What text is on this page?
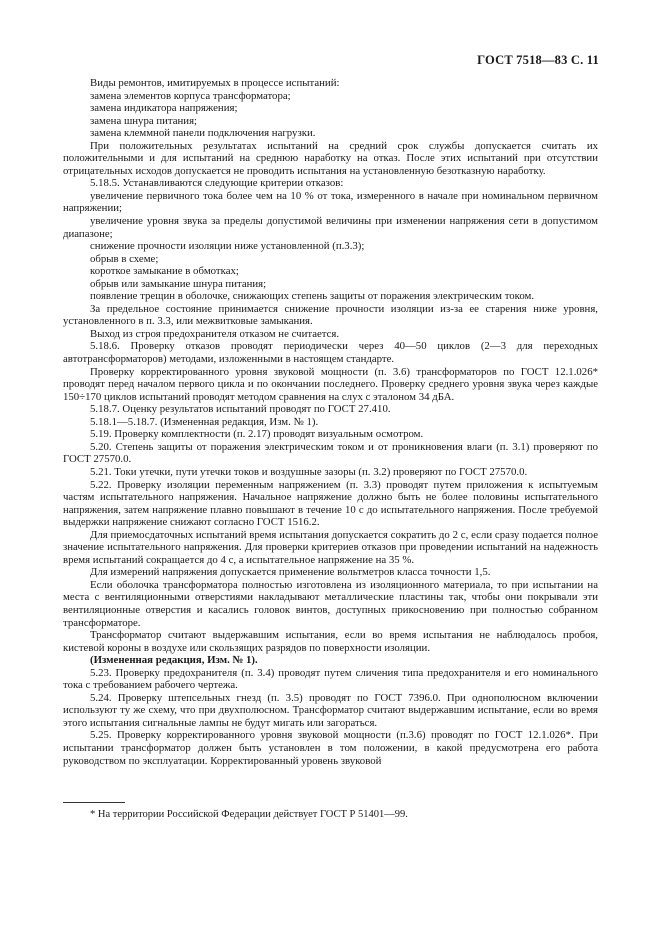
ГОСТ 7518—83 С. 11

Виды ремонтов, имитируемых в процессе испытаний:

замена элементов корпуса трансформатора;

замена индикатора напряжения;

замена шнура питания;

замена клеммной панели подключения нагрузки.

При положительных результатах испытаний на средний срок службы допускается считать их положительными и для испытаний на среднюю наработку на отказ. После этих испытаний при отсутствии отрицательных исходов допускается не проводить испытания на установленную безотказную наработку.

5.18.5. Устанавливаются следующие критерии отказов:

увеличение первичного тока более чем на 10 % от тока, измеренного в начале при номинальном первичном напряжении;

увеличение уровня звука за пределы допустимой величины при изменении напряжения сети в допустимом диапазоне;

снижение прочности изоляции ниже установленной (п.3.3);

обрыв в схеме;

короткое замыкание в обмотках;

обрыв или замыкание шнура питания;

появление трещин в оболочке, снижающих степень защиты от поражения электрическим током.

За предельное состояние принимается снижение прочности изоляции из-за ее старения ниже уровня, установленного в п. 3.3, или межвитковые замыкания.

Выход из строя предохранителя отказом не считается.

5.18.6. Проверку отказов проводят периодически через 40—50 циклов (2—3 для переходных автотрансформаторов) методами, изложенными в настоящем стандарте.

Проверку корректированного уровня звуковой мощности (п. 3.6) трансформаторов по ГОСТ 12.1.026* проводят перед началом первого цикла и по окончании последнего. Проверку среднего уровня звука через каждые 150÷170 циклов испытаний проводят методом сравнения на слух с эталоном 34 дБА.

5.18.7. Оценку результатов испытаний проводят по ГОСТ 27.410.

5.18.1—5.18.7. (Измененная редакция, Изм. № 1).

5.19. Проверку комплектности (п. 2.17) проводят визуальным осмотром.

5.20. Степень защиты от поражения электрическим током и от проникновения влаги (п. 3.1) проверяют по ГОСТ 27570.0.

5.21. Токи утечки, пути утечки токов и воздушные зазоры (п. 3.2) проверяют по ГОСТ 27570.0.

5.22. Проверку изоляции переменным напряжением (п. 3.3) проводят путем приложения к испытуемым частям испытательного напряжения. Начальное напряжение должно быть не более половины испытательного напряжения, затем напряжение плавно повышают в течение 10 с до испытательного напряжения. После требуемой выдержки напряжение снижают согласно ГОСТ 1516.2.

Для приемосдаточных испытаний время испытания допускается сократить до 2 с, если сразу подается полное значение испытательного напряжения. Для проверки критериев отказов при проведении испытаний на надежность время испытаний сокращается до 4 с, а испытательное напряжение на 35 %.

Для измерений напряжения допускается применение вольтметров класса точности 1,5.

Если оболочка трансформатора полностью изготовлена из изоляционного материала, то при испытании на места с вентиляционными отверстиями накладывают металлические пластины так, чтобы они покрывали эти вентиляционные отверстия и касались головок винтов, доступных прикосновению при полностью собранном трансформаторе.

Трансформатор считают выдержавшим испытания, если во время испытания не наблюдалось пробоя, кистевой короны в воздухе или скользящих разрядов по поверхности изоляции.

(Измененная редакция, Изм. № 1).

5.23. Проверку предохранителя (п. 3.4) проводят путем сличения типа предохранителя и его номинального тока с требованием рабочего чертежа.

5.24. Проверку штепсельных гнезд (п. 3.5) проводят по ГОСТ 7396.0. При однополюсном включении используют ту же схему, что при двухполюсном. Трансформатор считают выдержавшим испытание, если во время этого испытания сигнальные лампы не будут мигать или загораться.

5.25. Проверку корректированного уровня звуковой мощности (п.3.6) проводят по ГОСТ 12.1.026*. При испытании трансформатор должен быть установлен в том положении, в какой предусмотрена его работа руководством по эксплуатации. Корректированный уровень звуковой

* На территории Российской Федерации действует ГОСТ Р 51401—99.
